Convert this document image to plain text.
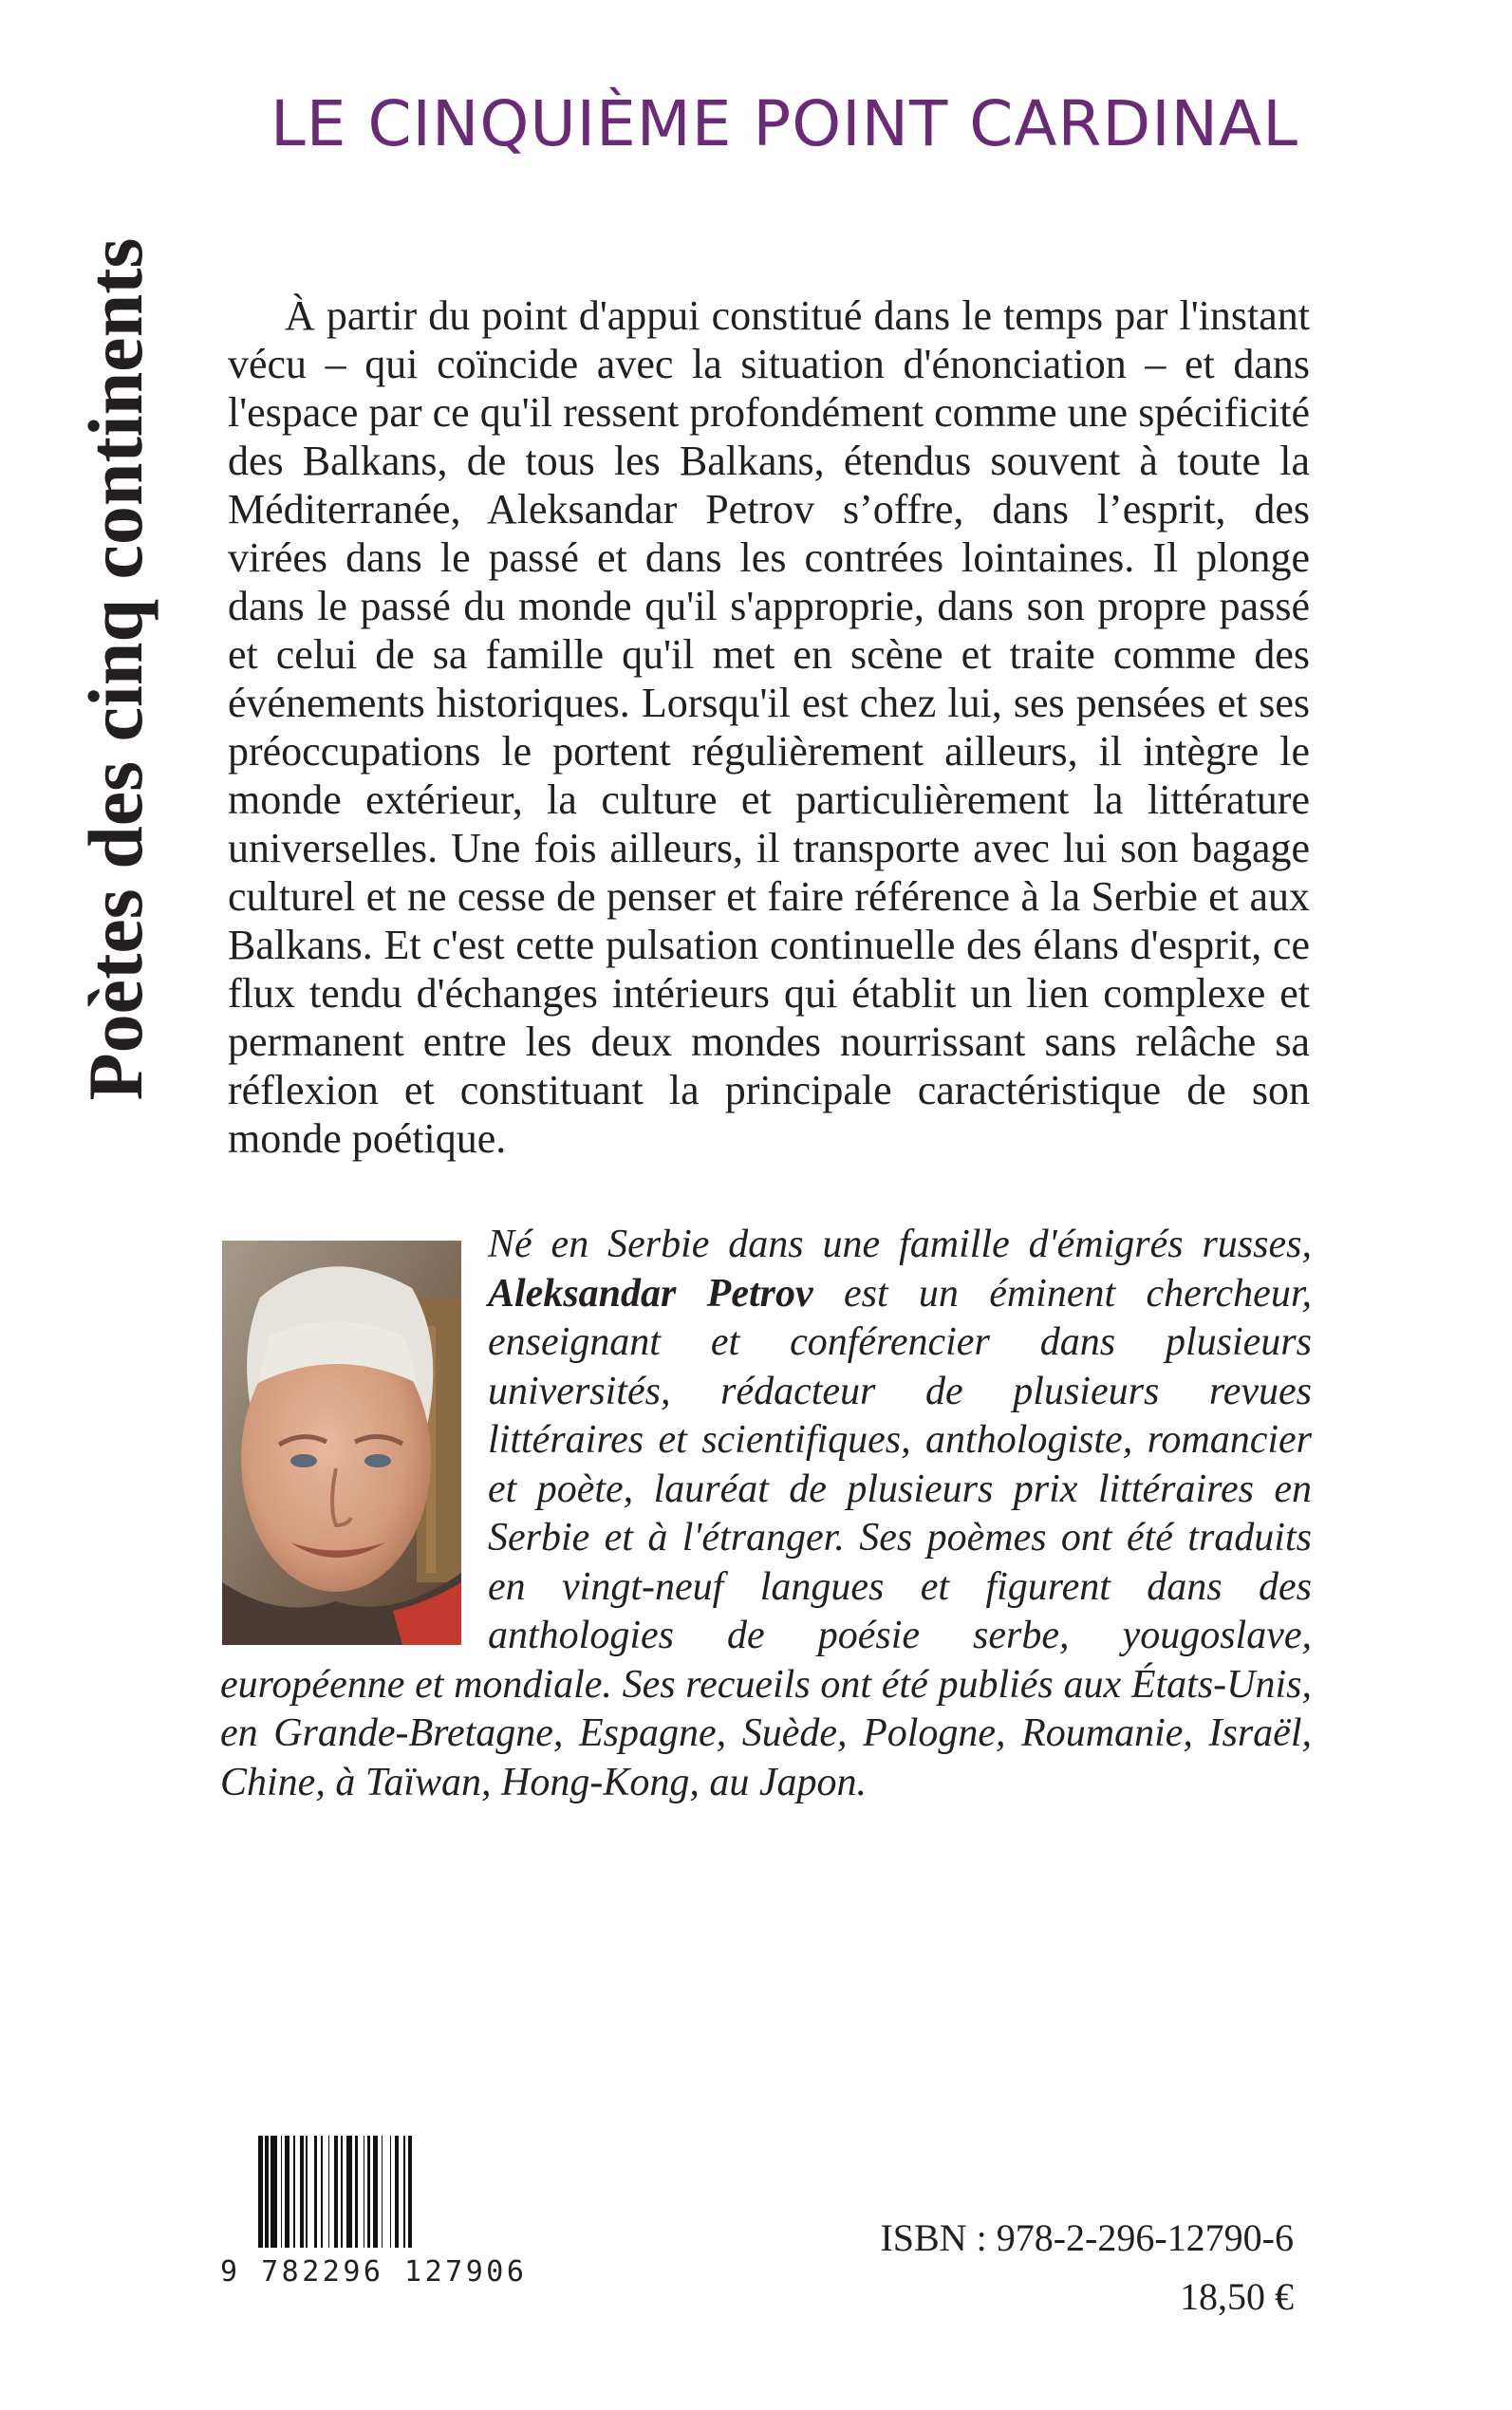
LE CINQUIÈME POINT CARDINAL
Poètes des cinq continents	À partir du point d'appui constitué dans le temps par l'instant vécu – qui coïncide avec la situation d'énonciation – et dans l'espace par ce qu'il ressent profondément comme une spécificité des Balkans, de tous les Balkans, étendus souvent à toute la Méditerranée, Aleksandar Petrov s’offre, dans l’esprit, des virées dans le passé et dans les contrées lointaines. Il plonge dans le passé du monde qu'il s'approprie, dans son propre passé et celui de sa famille qu'il met en scène et traite comme des événements historiques. Lorsqu'il est chez lui, ses pensées et ses préoccupations le portent régulièrement ailleurs, il intègre le monde extérieur, la culture et particulièrement la littérature universelles. Une fois ailleurs, il transporte avec lui son bagage culturel et ne cesse de penser et faire référence à la Serbie et aux Balkans. Et c'est cette pulsation continuelle des élans d'esprit, ce flux tendu d'échanges intérieurs qui établit un lien complexe et permanent entre les deux mondes nourrissant sans relâche sa réflexion et constituant la principale caractéristique de son monde poétique.

Né en Serbie dans une famille d'émigrés russes, Aleksandar Petrov est un éminent chercheur, enseignant et conférencier dans plusieurs universités, rédacteur de plusieurs revues littéraires et scientifiques, anthologiste, romancier et poète, lauréat de plusieurs prix littéraires en Serbie et à l'étranger. Ses poèmes ont été traduits en vingt-neuf langues et figurent dans des anthologies de poésie serbe, yougoslave, européenne et mondiale. Ses recueils ont été publiés aux États-Unis, en Grande-Bretagne, Espagne, Suède, Pologne, Roumanie, Israël, Chine, à Taïwan, Hong-Kong, au Japon.

9 782296 127906
ISBN : 978-2-296-12790-6
18,50 €
